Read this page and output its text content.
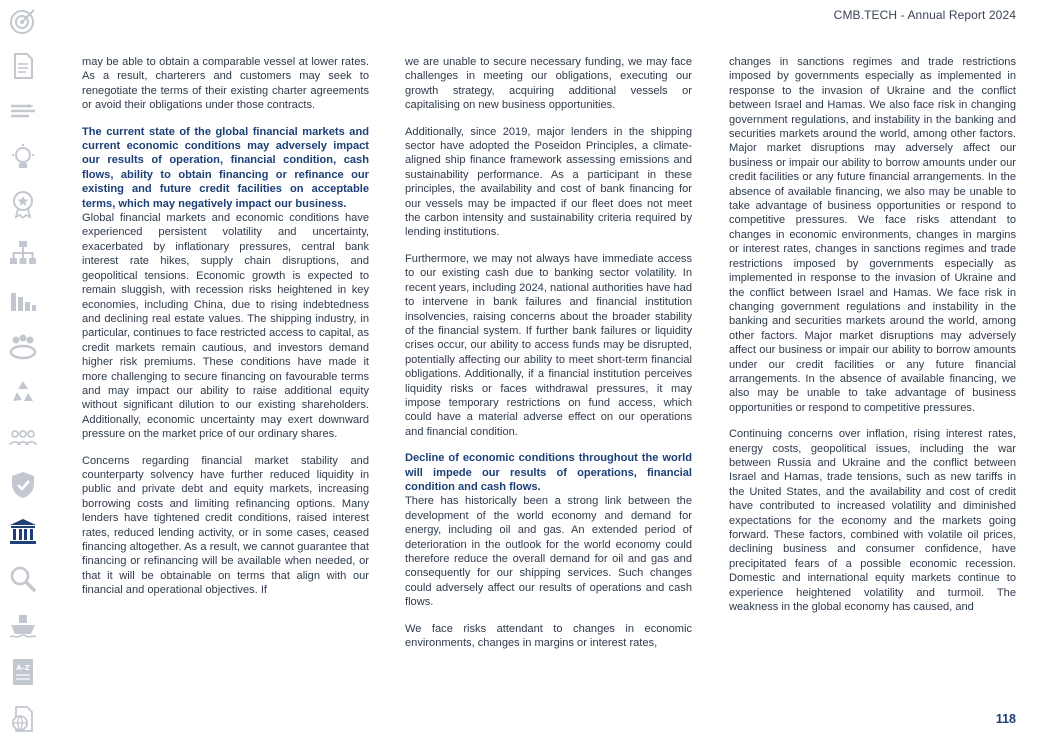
A-Z
CMB.TECH - Annual Report 2024

may be able to obtain a comparable vessel at lower rates. As a result, charterers and customers may seek to renegotiate the terms of their existing charter agreements or avoid their obligations under those contracts.

The current state of the global financial markets and current economic conditions may adversely impact our results of operation, financial condition, cash flows, ability to obtain financing or refinance our existing and future credit facilities on acceptable terms, which may negatively impact our business.

Global financial markets and economic conditions have experienced persistent volatility and uncertainty, exacerbated by inflationary pressures, central bank interest rate hikes, supply chain disruptions, and geopolitical tensions. Economic growth is expected to remain sluggish, with recession risks heightened in key economies, including China, due to rising indebtedness and declining real estate values. The shipping industry, in particular, continues to face restricted access to capital, as credit markets remain cautious, and investors demand higher risk premiums. These conditions have made it more challenging to secure financing on favourable terms and may impact our ability to raise additional equity without significant dilution to our existing shareholders. Additionally, economic uncertainty may exert downward pressure on the market price of our ordinary shares.

Concerns regarding financial market stability and counterparty solvency have further reduced liquidity in public and private debt and equity markets, increasing borrowing costs and limiting refinancing options. Many lenders have tightened credit conditions, raised interest rates, reduced lending activity, or in some cases, ceased financing altogether. As a result, we cannot guarantee that financing or refinancing will be available when needed, or that it will be obtainable on terms that align with our financial and operational objectives. If

we are unable to secure necessary funding, we may face challenges in meeting our obligations, executing our growth strategy, acquiring additional vessels or capitalising on new business opportunities.

Additionally, since 2019, major lenders in the shipping sector have adopted the Poseidon Principles, a climate-aligned ship finance framework assessing emissions and sustainability performance. As a participant in these principles, the availability and cost of bank financing for our vessels may be impacted if our fleet does not meet the carbon intensity and sustainability criteria required by lending institutions.

Furthermore, we may not always have immediate access to our existing cash due to banking sector volatility. In recent years, including 2024, national authorities have had to intervene in bank failures and financial institution insolvencies, raising concerns about the broader stability of the financial system. If further bank failures or liquidity crises occur, our ability to access funds may be disrupted, potentially affecting our ability to meet short-term financial obligations. Additionally, if a financial institution perceives liquidity risks or faces withdrawal pressures, it may impose temporary restrictions on fund access, which could have a material adverse effect on our operations and financial condition.

Decline of economic conditions throughout the world will impede our results of operations, financial condition and cash flows.

There has historically been a strong link between the development of the world economy and demand for energy, including oil and gas. An extended period of deterioration in the outlook for the world economy could therefore reduce the overall demand for oil and gas and consequently for our shipping services. Such changes could adversely affect our results of operations and cash flows.

We face risks attendant to changes in economic environments, changes in margins or interest rates,

changes in sanctions regimes and trade restrictions imposed by governments especially as implemented in response to the invasion of Ukraine and the conflict between Israel and Hamas. We also face risk in changing government regulations, and instability in the banking and securities markets around the world, among other factors. Major market disruptions may adversely affect our business or impair our ability to borrow amounts under our credit facilities or any future financial arrangements. In the absence of available financing, we also may be unable to take advantage of business opportunities or respond to competitive pressures. We face risks attendant to changes in economic environments, changes in margins or interest rates, changes in sanctions regimes and trade restrictions imposed by governments especially as implemented in response to the invasion of Ukraine and the conflict between Israel and Hamas. We face risk in changing government regulations and instability in the banking and securities markets around the world, among other factors. Major market disruptions may adversely affect our business or impair our ability to borrow amounts under our credit facilities or any future financial arrangements. In the absence of available financing, we also may be unable to take advantage of business opportunities or respond to competitive pressures.

Continuing concerns over inflation, rising interest rates, energy costs, geopolitical issues, including the war between Russia and Ukraine and the conflict between Israel and Hamas, trade tensions, such as new tariffs in the United States, and the availability and cost of credit have contributed to increased volatility and diminished expectations for the economy and the markets going forward. These factors, combined with volatile oil prices, declining business and consumer confidence, have precipitated fears of a possible economic recession. Domestic and international equity markets continue to experience heightened volatility and turmoil. The weakness in the global economy has caused, and

118
